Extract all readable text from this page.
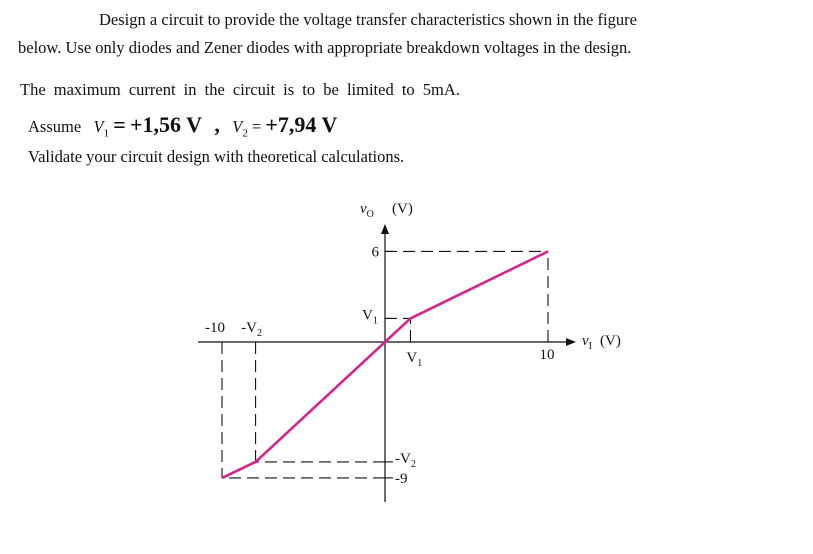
Design a circuit to provide the voltage transfer characteristics shown in the figure
below. Use only diodes and Zener diodes with appropriate breakdown voltages in the design.
The maximum current in the circuit is to be limited to 5mA.
Assume $V_1 = +1,56$ V , $V_2 = +7,94$ V
Validate your circuit design with theoretical calculations.
$v_O$ (V)
$v_I$ (V)
-10 $-V_2$
$V_1$
10
6
$V_1$
$-V_2$
-9
